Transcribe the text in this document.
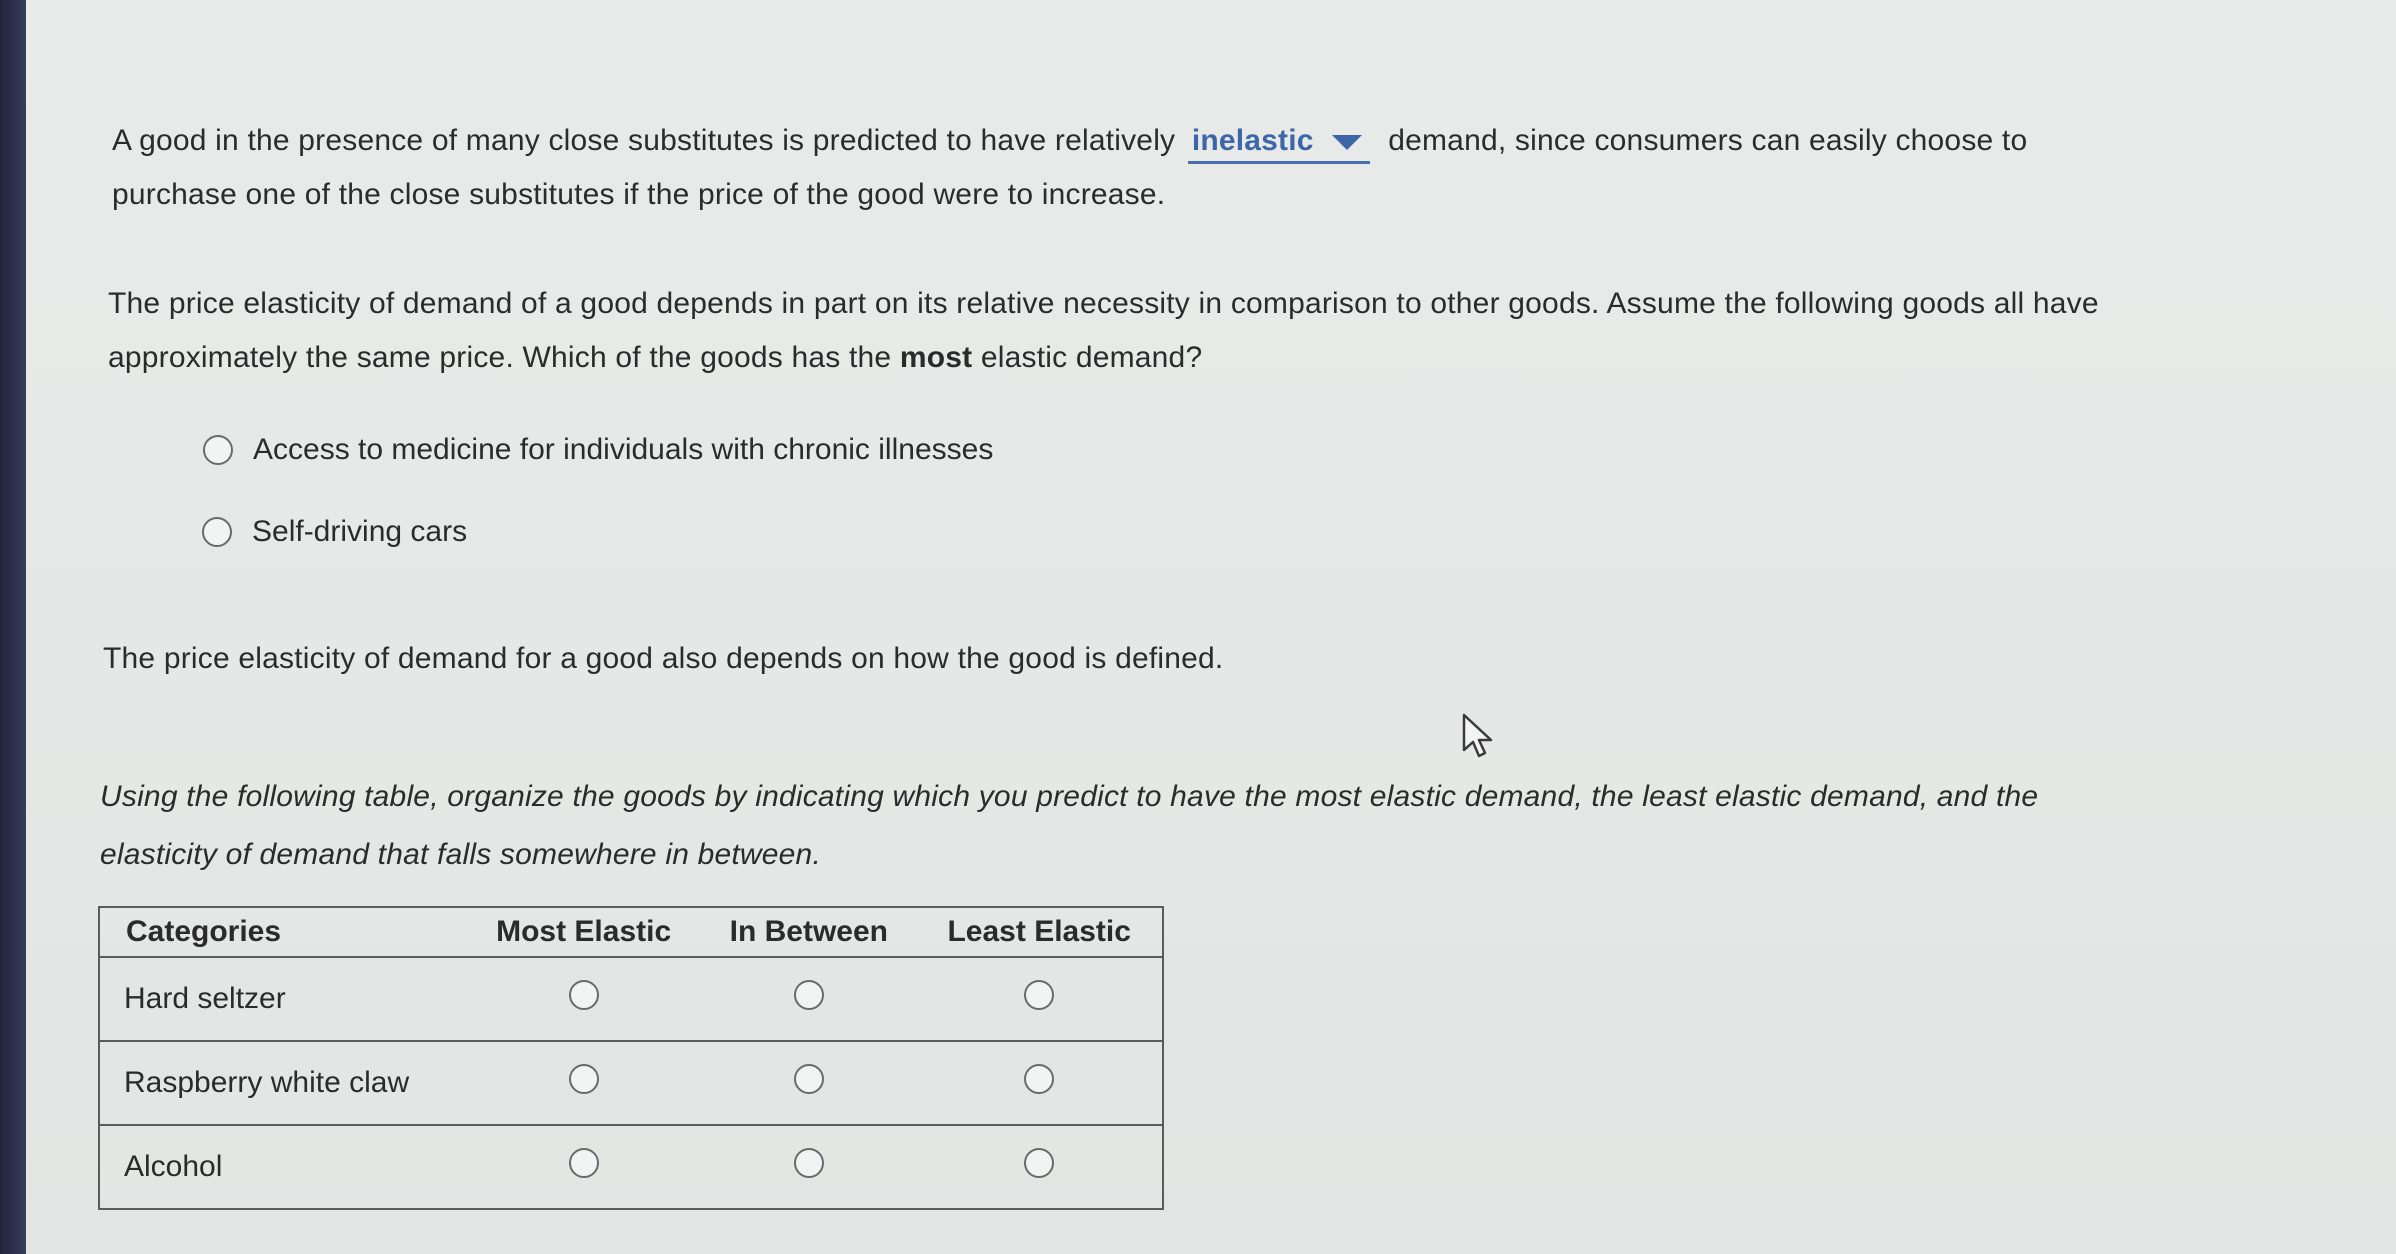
A good in the presence of many close substitutes is predicted to have relatively inelastic demand, since consumers can easily choose to
purchase one of the close substitutes if the price of the good were to increase.
The price elasticity of demand of a good depends in part on its relative necessity in comparison to other goods. Assume the following goods all have
approximately the same price. Which of the goods has the most elastic demand?
Access to medicine for individuals with chronic illnesses
Self-driving cars
The price elasticity of demand for a good also depends on how the good is defined.
Using the following table, organize the goods by indicating which you predict to have the most elastic demand, the least elastic demand, and the
elasticity of demand that falls somewhere in between.
Categories	Most Elastic	In Between	Least Elastic
Hard seltzer			
Raspberry white claw			
Alcohol			
